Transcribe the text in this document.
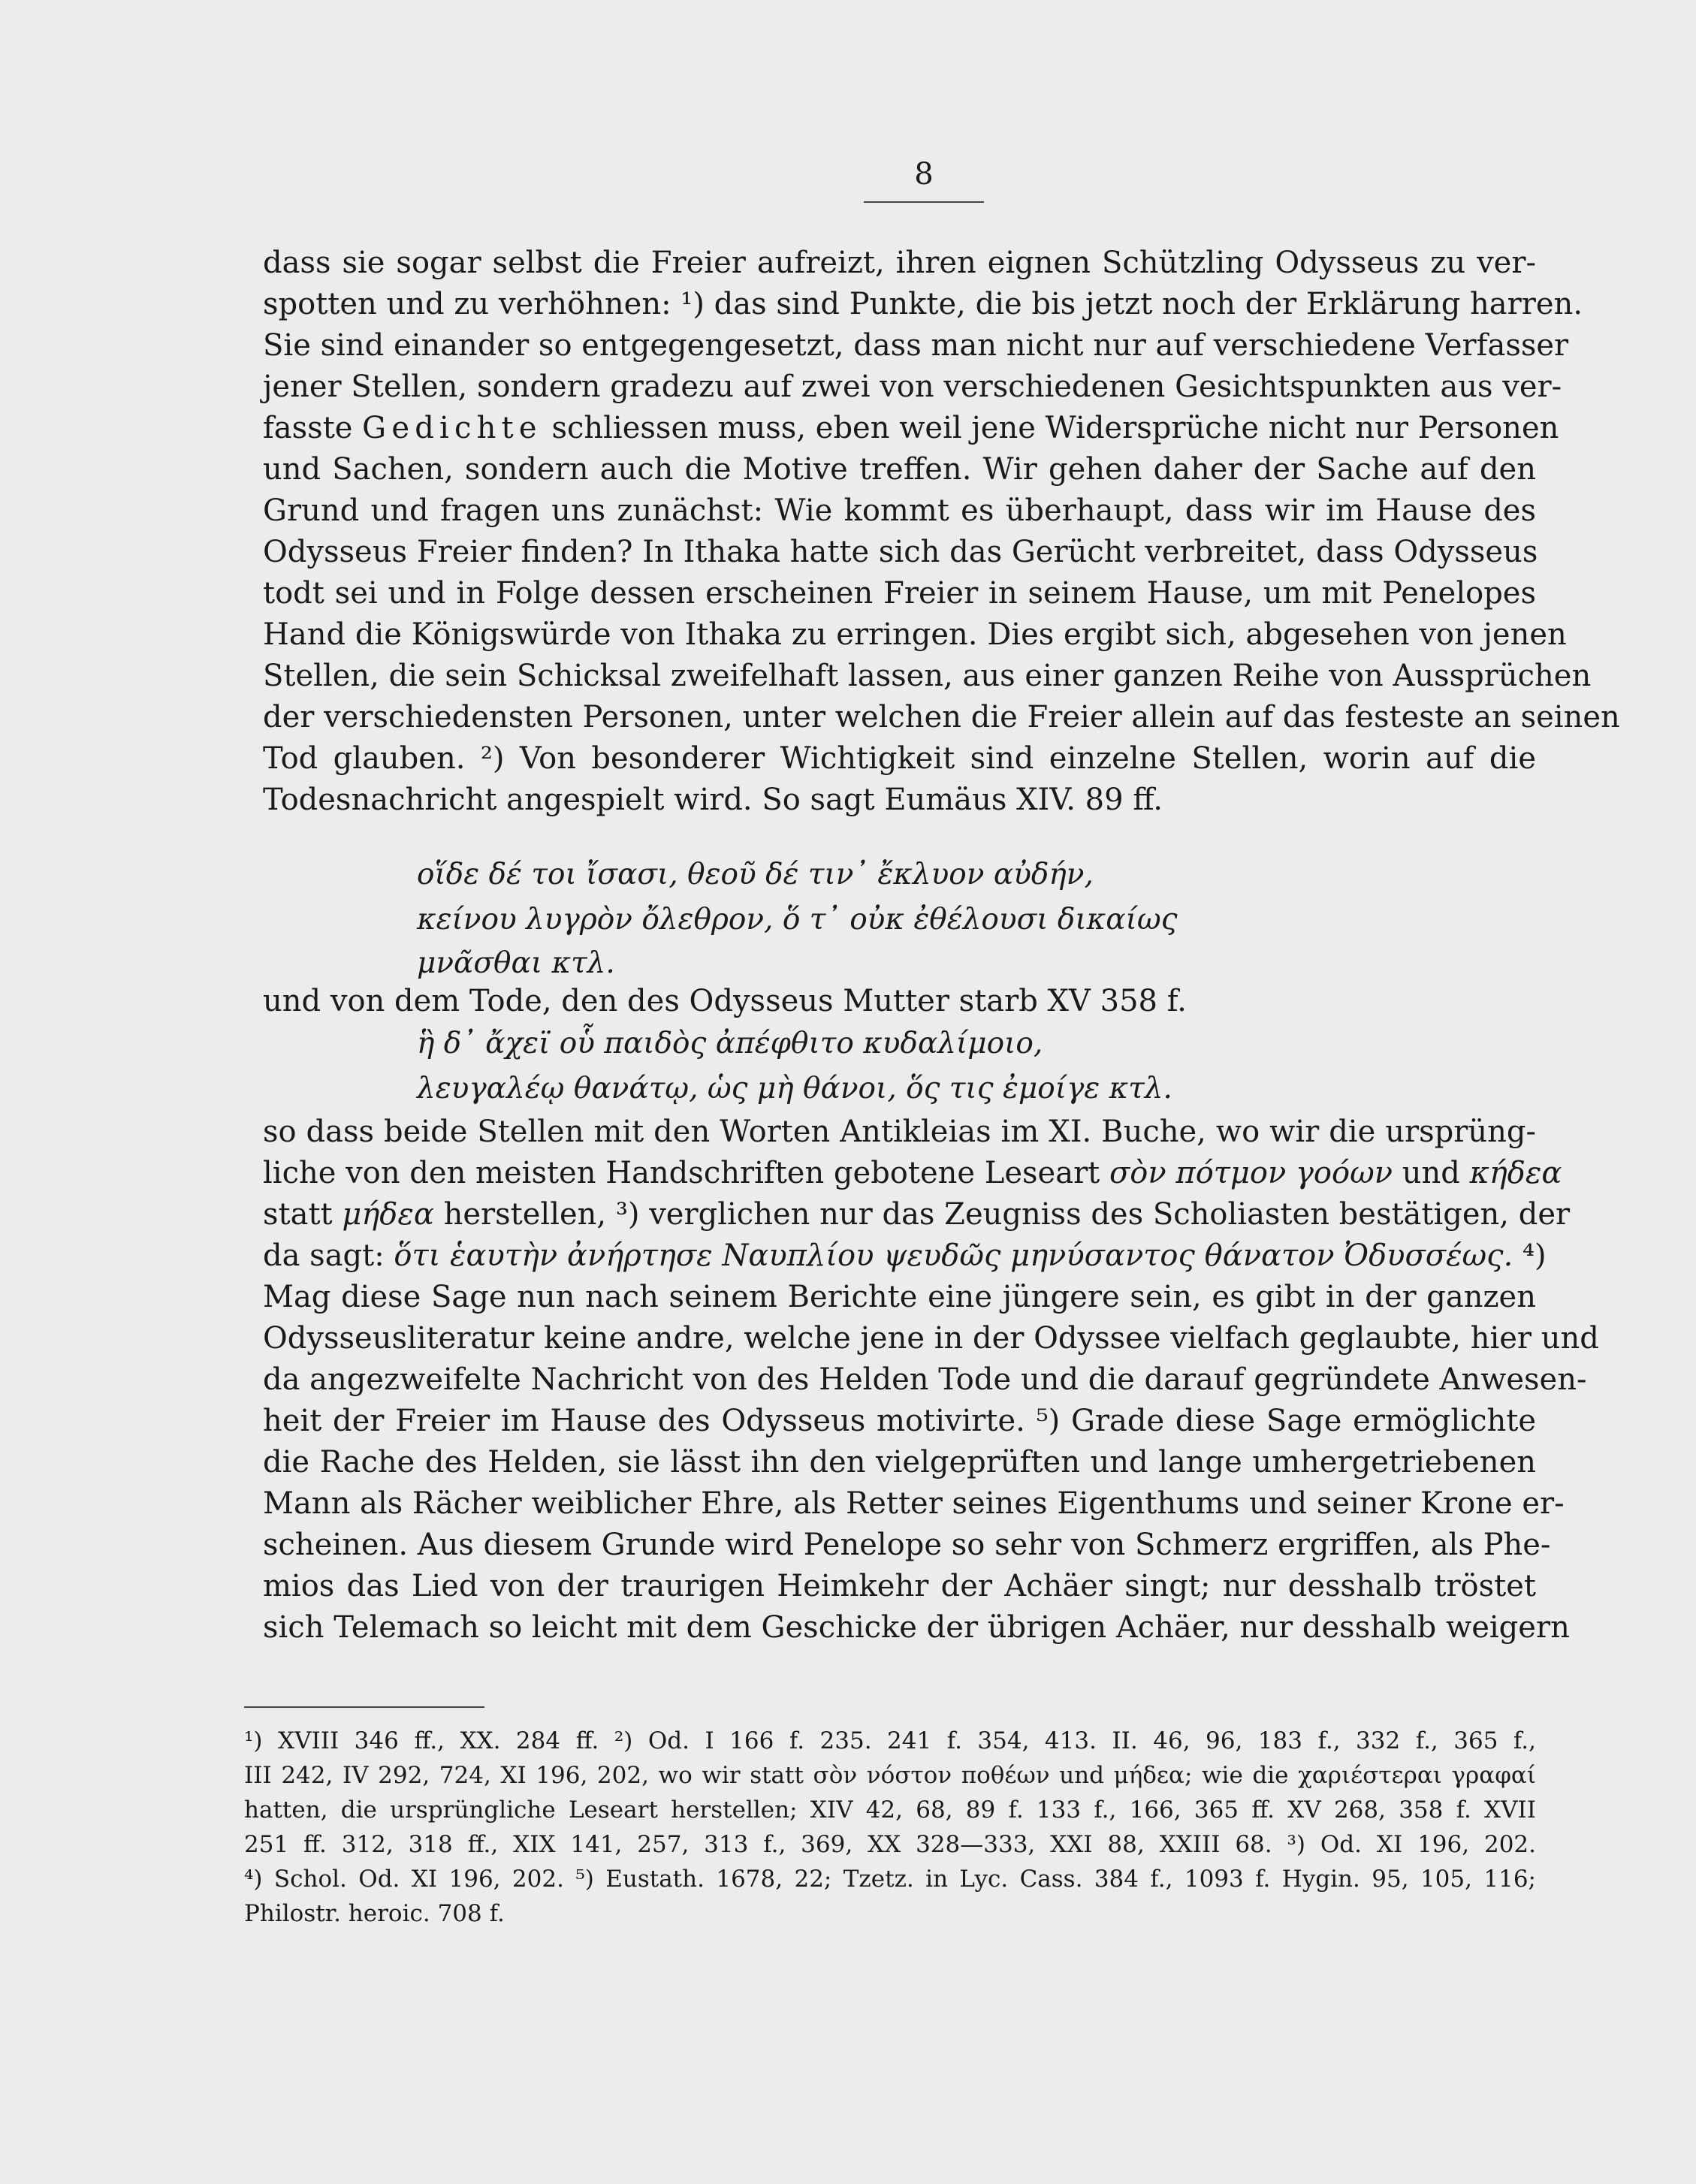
8
dass sie sogar selbst die Freier aufreizt, ihren eignen Schützling Odysseus zu ver-
spotten und zu verhöhnen: ¹) das sind Punkte, die bis jetzt noch der Erklärung harren.
Sie sind einander so entgegengesetzt, dass man nicht nur auf verschiedene Verfasser
jener Stellen, sondern gradezu auf zwei von verschiedenen Gesichtspunkten aus ver-
fasste Gedichte schliessen muss, eben weil jene Widersprüche nicht nur Personen
und Sachen, sondern auch die Motive treffen. Wir gehen daher der Sache auf den
Grund und fragen uns zunächst: Wie kommt es überhaupt, dass wir im Hause des
Odysseus Freier finden? In Ithaka hatte sich das Gerücht verbreitet, dass Odysseus
todt sei und in Folge dessen erscheinen Freier in seinem Hause, um mit Penelopes
Hand die Königswürde von Ithaka zu erringen. Dies ergibt sich, abgesehen von jenen
Stellen, die sein Schicksal zweifelhaft lassen, aus einer ganzen Reihe von Aussprüchen
der verschiedensten Personen, unter welchen die Freier allein auf das festeste an seinen
Tod glauben. ²) Von besonderer Wichtigkeit sind einzelne Stellen, worin auf die
Todesnachricht angespielt wird. So sagt Eumäus XIV. 89 ff.
οἵδε δέ τοι ἴσασι, θεοῦ δέ τιν᾽ ἔκλυον αὐδήν,
κείνου λυγρὸν ὄλεθρον, ὅ τ᾽ οὐκ ἐθέλουσι δικαίως
μνᾶσθαι κτλ.
und von dem Tode, den des Odysseus Mutter starb XV 358 f.
ἣ δ᾽ ἄχεϊ οὗ παιδὸς ἀπέφθιτο κυδαλίμοιο,
λευγαλέῳ θανάτῳ, ὡς μὴ θάνοι, ὅς τις ἐμοίγε κτλ.
so dass beide Stellen mit den Worten Antikleias im XI. Buche, wo wir die ursprüng-
liche von den meisten Handschriften gebotene Leseart σὸν πότμον γοόων und κήδεα
statt μήδεα herstellen, ³) verglichen nur das Zeugniss des Scholiasten bestätigen, der
da sagt: ὅτι ἑαυτὴν ἀνήρτησε Ναυπλίου ψευδῶς μηνύσαντος θάνατον Ὀδυσσέως. ⁴)
Mag diese Sage nun nach seinem Berichte eine jüngere sein, es gibt in der ganzen
Odysseusliteratur keine andre, welche jene in der Odyssee vielfach geglaubte, hier und
da angezweifelte Nachricht von des Helden Tode und die darauf gegründete Anwesen-
heit der Freier im Hause des Odysseus motivirte. ⁵) Grade diese Sage ermöglichte
die Rache des Helden, sie lässt ihn den vielgeprüften und lange umhergetriebenen
Mann als Rächer weiblicher Ehre, als Retter seines Eigenthums und seiner Krone er-
scheinen. Aus diesem Grunde wird Penelope so sehr von Schmerz ergriffen, als Phe-
mios das Lied von der traurigen Heimkehr der Achäer singt; nur desshalb tröstet
sich Telemach so leicht mit dem Geschicke der übrigen Achäer, nur desshalb weigern
¹) XVIII 346 ff., XX. 284 ff. ²) Od. I 166 f. 235. 241 f. 354, 413. II. 46, 96, 183 f., 332 f., 365 f.,
III 242, IV 292, 724, XI 196, 202, wo wir statt σὸν νόστον ποθέων und μήδεα; wie die χαριέστεραι γραφαί
hatten, die ursprüngliche Leseart herstellen; XIV 42, 68, 89 f. 133 f., 166, 365 ff. XV 268, 358 f. XVII
251 ff. 312, 318 ff., XIX 141, 257, 313 f., 369, XX 328—333, XXI 88, XXIII 68. ³) Od. XI 196, 202.
⁴) Schol. Od. XI 196, 202. ⁵) Eustath. 1678, 22; Tzetz. in Lyc. Cass. 384 f., 1093 f. Hygin. 95, 105, 116;
Philostr. heroic. 708 f.
